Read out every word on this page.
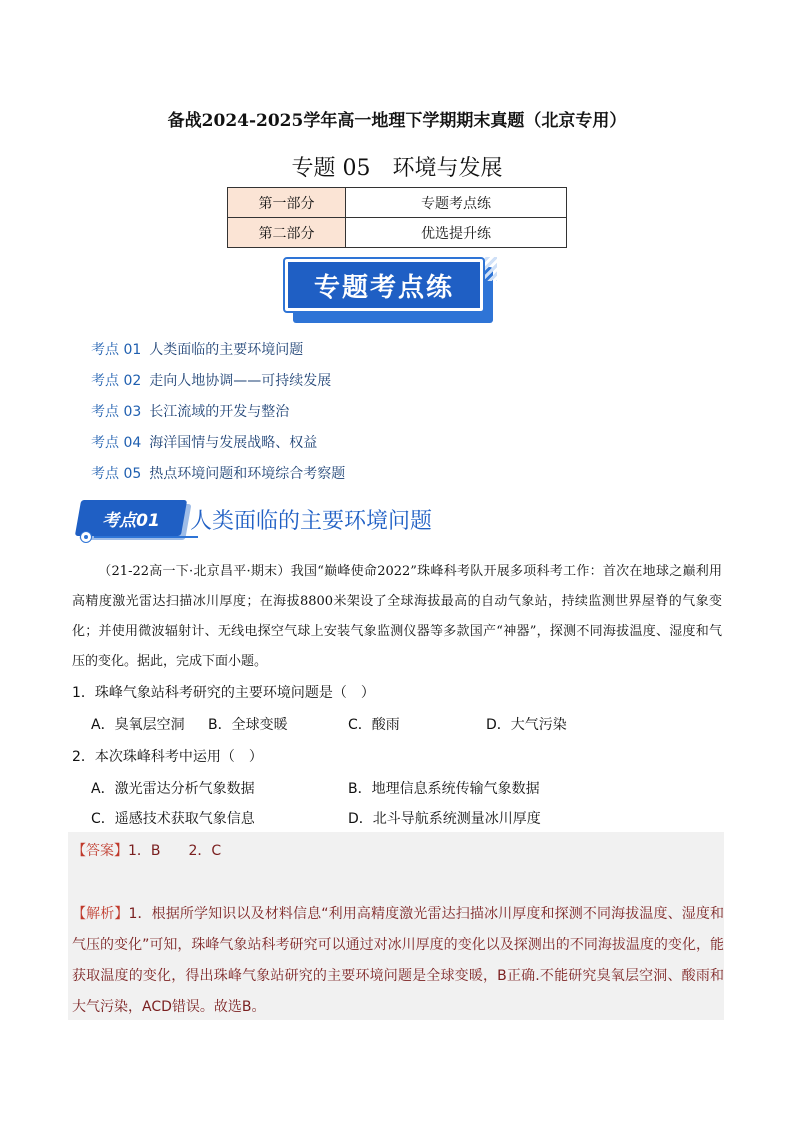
备战2024-2025学年高一地理下学期期末真题（北京专用）
专题 05　环境与发展
第一部分	专题考点练
第二部分	优选提升练
专题考点练
考点 01 人类面临的主要环境问题
考点 02 走向人地协调——可持续发展
考点 03 长江流域的开发与整治
考点 04 海洋国情与发展战略、权益
考点 05 热点环境问题和环境综合考察题
考点01	人类面临的主要环境问题
  （21-22高一下·北京昌平·期末）我国“巅峰使命2022”珠峰科考队开展多项科考工作：首次在地球之巅利用高精度激光雷达扫描冰川厚度；在海拔8800米架设了全球海拔最高的自动气象站，持续监测世界屋脊的气象变化；并使用微波辐射计、无线电探空气球上安装气象监测仪器等多款国产“神器”，探测不同海拔温度、湿度和气压的变化。据此，完成下面小题。
1．珠峰气象站科考研究的主要环境问题是（　）
A．臭氧层空洞 B．全球变暖	C．酸雨	D．大气污染
2．本次珠峰科考中运用（　）
A．激光雷达分析气象数据	B．地理信息系统传输气象数据
C．遥感技术获取气象信息	D．北斗导航系统测量冰川厚度
【答案】1．B　　2．C
【解析】1．根据所学知识以及材料信息“利用高精度激光雷达扫描冰川厚度和探测不同海拔温度、湿度和气压的变化”可知，珠峰气象站科考研究可以通过对冰川厚度的变化以及探测出的不同海拔温度的变化，能获取温度的变化，得出珠峰气象站研究的主要环境问题是全球变暖，B正确.不能研究臭氧层空洞、酸雨和大气污染，ACD错误。故选B。
